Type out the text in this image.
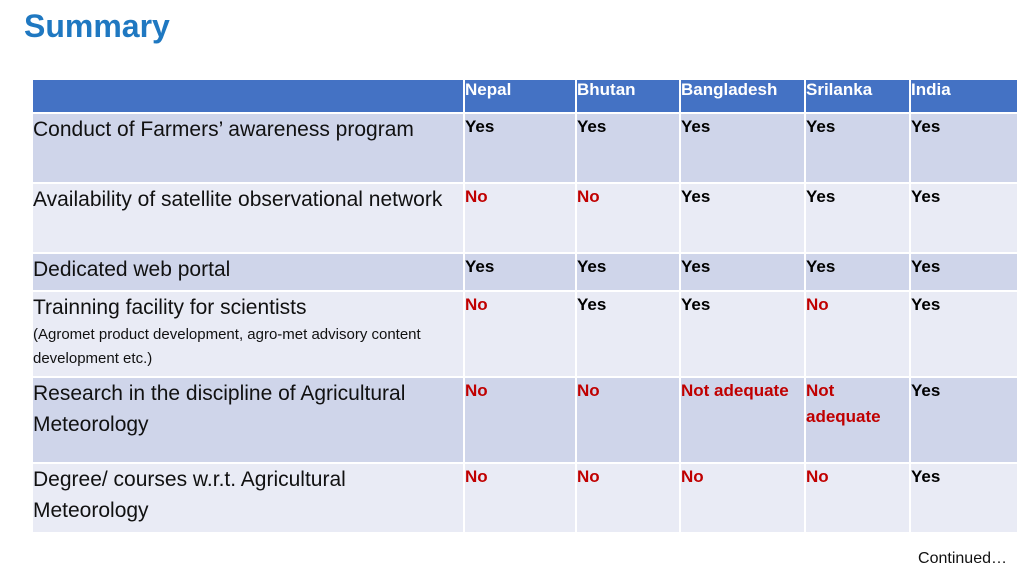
Summary
	Nepal	Bhutan	Bangladesh	Srilanka	India
Conduct of Farmers’ awareness program	Yes	Yes	Yes	Yes	Yes
Availability of satellite observational network	No	No	Yes	Yes	Yes
Dedicated web portal	Yes	Yes	Yes	Yes	Yes
Trainning facility for scientists
(Agromet product development, agro-met advisory content development etc.)	No	Yes	Yes	No	Yes
Research in the discipline of Agricultural Meteorology	No	No	Not adequate	Not adequate	Yes
Degree/ courses w.r.t. Agricultural Meteorology	No	No	No	No	Yes
Continued…
